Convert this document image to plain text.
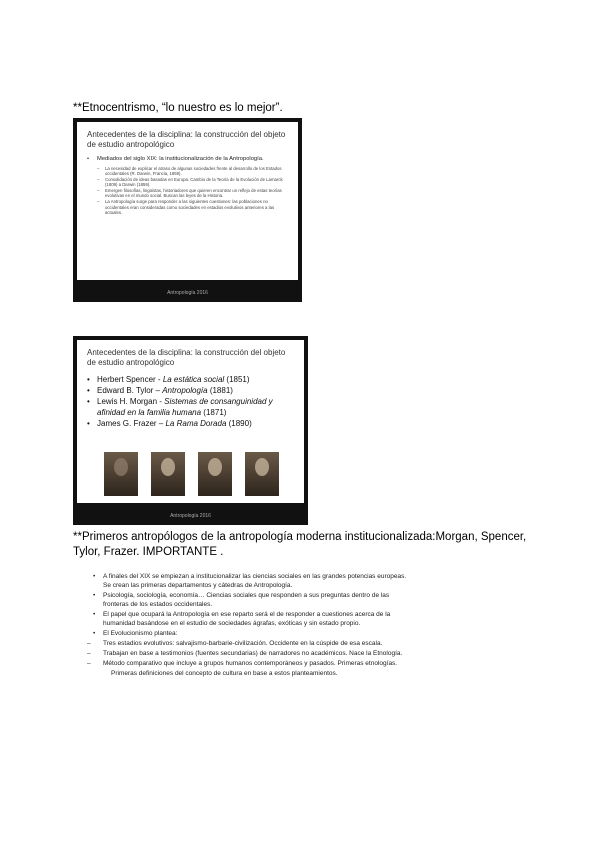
**Etnocentrismo, “lo nuestro es lo mejor”.

Antecedentes de la disciplina: la construcción del objeto de estudio antropológico

• Mediados del siglo XIX: la institucionalización de la Antropología.
– La necesidad de explicar el atraso de algunas sociedades frente al desarrollo de los Estados occidentales (R. Darwin, Francia, 1859).
– Consolidación de ideas basadas en Europa. Cambio de la Teoría de la Evolución de Lamarck (1809) a Darwin (1859).
– Emergen filosofías, lingüistas, historiadores que quieren encontrar un reflejo de estas teorías evolutivas en el mundo social. Buscan las leyes de la Historia.
– La Antropología surge para responder a las siguientes cuestiones: las poblaciones no occidentales eran consideradas como sociedades en estadios evolutivos anteriores a las actuales.
Antropología 2016

Antecedentes de la disciplina: la construcción del objeto de estudio antropológico

• Herbert Spencer - La estática social (1851)
• Edward B. Tylor – Antropología (1881)
• Lewis H. Morgan - Sistemas de consanguinidad y afinidad en la familia humana (1871)
• James G. Frazer – La Rama Dorada (1890)
Antropología 2016
**Primeros antropólogos de la antropología moderna institucionalizada:Morgan, Spencer, Tylor, Frazer. IMPORTANTE .
• A finales del XIX se empiezan a institucionalizar las ciencias sociales en las grandes potencias europeas. Se crean las primeras departamentos y cátedras de Antropología.
• Psicología, sociología, economía… Ciencias sociales que responden a sus preguntas dentro de las fronteras de los estados occidentales.
• El papel que ocupará la Antropología en ese reparto será el de responder a cuestiones acerca de la humanidad basándose en el estudio de sociedades ágrafas, exóticas y sin estado propio.
• El Evolucionismo plantea:
– Tres estadios evolutivos: salvajismo-barbarie-civilización. Occidente en la cúspide de esa escala.
– Trabajan en base a testimonios (fuentes secundarias) de narradores no académicos. Nace la Etnología.
– Método comparativo que incluye a grupos humanos contemporáneos y pasados. Primeras etnologías.
Primeras definiciones del concepto de cultura en base a estos planteamientos.
